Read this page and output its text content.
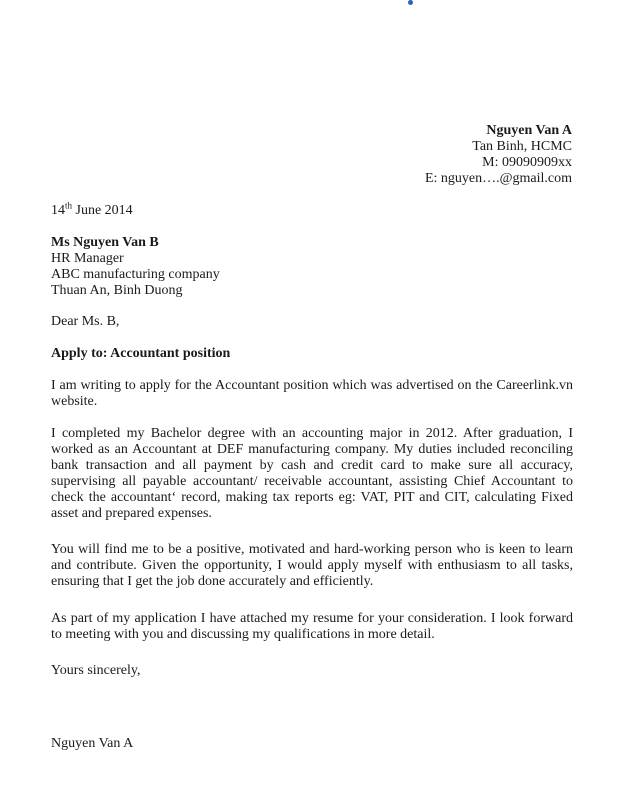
Nguyen Van A
Tan Binh, HCMC
M: 09090909xx
E: nguyen….@gmail.com
14th June 2014
Ms Nguyen Van B
HR Manager
ABC manufacturing company
Thuan An, Binh Duong
Dear Ms. B,
Apply to: Accountant position
I am writing to apply for the Accountant position which was advertised on the Careerlink.vn website.
I completed my Bachelor degree with an accounting major in 2012. After graduation, I worked as an Accountant at DEF manufacturing company. My duties included reconciling bank transaction and all payment by cash and credit card to make sure all accuracy, supervising all payable accountant/ receivable accountant, assisting Chief Accountant to check the accountant‘ record, making tax reports eg: VAT, PIT and CIT, calculating Fixed asset and prepared expenses.
You will find me to be a positive, motivated and hard-working person who is keen to learn and contribute. Given the opportunity, I would apply myself with enthusiasm to all tasks, ensuring that I get the job done accurately and efficiently.
As part of my application I have attached my resume for your consideration. I look forward to meeting with you and discussing my qualifications in more detail.
Yours sincerely,
Nguyen Van A
